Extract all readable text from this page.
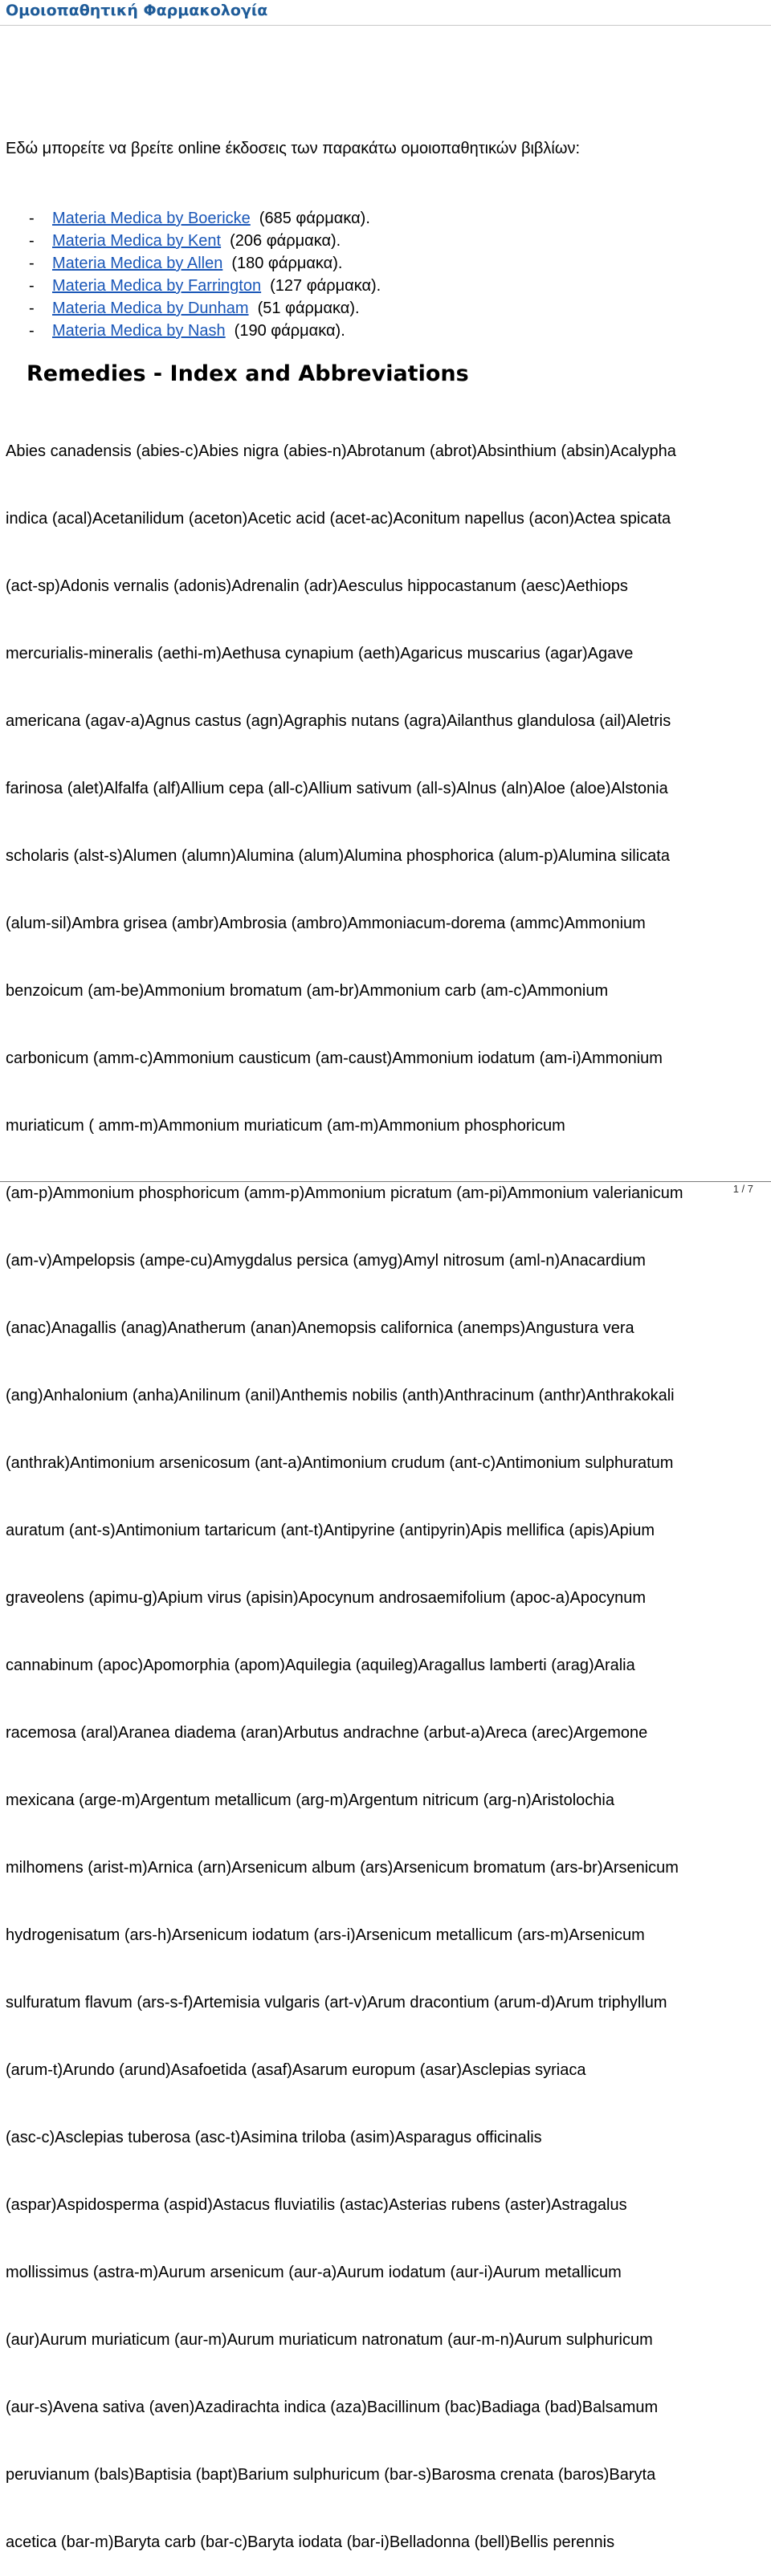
Ομοιοπαθητική Φαρμακολογία

Εδώ μπορείτε να βρείτε online έκδοσεις των παρακάτω ομοιοπαθητικών βιβλίων:

- Materia Medica by Boericke (685 φάρμακα).
- Materia Medica by Kent (206 φάρμακα).
- Materia Medica by Allen (180 φάρμακα).
- Materia Medica by Farrington (127 φάρμακα).
- Materia Medica by Dunham (51 φάρμακα).
- Materia Medica by Nash (190 φάρμακα).
Remedies - Index and Abbreviations

Abies canadensis (abies-c)Abies nigra (abies-n)Abrotanum (abrot)Absinthium (absin)Acalypha

indica (acal)Acetanilidum (aceton)Acetic acid (acet-ac)Aconitum napellus (acon)Actea spicata

(act-sp)Adonis vernalis (adonis)Adrenalin (adr)Aesculus hippocastanum (aesc)Aethiops

mercurialis-mineralis (aethi-m)Aethusa cynapium (aeth)Agaricus muscarius (agar)Agave

americana (agav-a)Agnus castus (agn)Agraphis nutans (agra)Ailanthus glandulosa (ail)Aletris

farinosa (alet)Alfalfa (alf)Allium cepa (all-c)Allium sativum (all-s)Alnus (aln)Aloe (aloe)Alstonia

scholaris (alst-s)Alumen (alumn)Alumina (alum)Alumina phosphorica (alum-p)Alumina silicata

(alum-sil)Ambra grisea (ambr)Ambrosia (ambro)Ammoniacum-dorema (ammc)Ammonium

benzoicum (am-be)Ammonium bromatum (am-br)Ammonium carb (am-c)Ammonium

carbonicum (amm-c)Ammonium causticum (am-caust)Ammonium iodatum (am-i)Ammonium

muriaticum ( amm-m)Ammonium muriaticum (am-m)Ammonium phosphoricum

(am-p)Ammonium phosphoricum (amm-p)Ammonium picratum (am-pi)Ammonium valerianicum

(am-v)Ampelopsis (ampe-cu)Amygdalus persica (amyg)Amyl nitrosum (aml-n)Anacardium

(anac)Anagallis (anag)Anatherum (anan)Anemopsis californica (anemps)Angustura vera

(ang)Anhalonium (anha)Anilinum (anil)Anthemis nobilis (anth)Anthracinum (anthr)Anthrakokali

(anthrak)Antimonium arsenicosum (ant-a)Antimonium crudum (ant-c)Antimonium sulphuratum

auratum (ant-s)Antimonium tartaricum (ant-t)Antipyrine (antipyrin)Apis mellifica (apis)Apium

graveolens (apimu-g)Apium virus (apisin)Apocynum androsaemifolium (apoc-a)Apocynum

cannabinum (apoc)Apomorphia (apom)Aquilegia (aquileg)Aragallus lamberti (arag)Aralia

racemosa (aral)Aranea diadema (aran)Arbutus andrachne (arbut-a)Areca (arec)Argemone

mexicana (arge-m)Argentum metallicum (arg-m)Argentum nitricum (arg-n)Aristolochia

milhomens (arist-m)Arnica (arn)Arsenicum album (ars)Arsenicum bromatum (ars-br)Arsenicum

hydrogenisatum (ars-h)Arsenicum iodatum (ars-i)Arsenicum metallicum (ars-m)Arsenicum

sulfuratum flavum (ars-s-f)Artemisia vulgaris (art-v)Arum dracontium (arum-d)Arum triphyllum

(arum-t)Arundo (arund)Asafoetida (asaf)Asarum europum (asar)Asclepias syriaca

(asc-c)Asclepias tuberosa (asc-t)Asimina triloba (asim)Asparagus officinalis

(aspar)Aspidosperma (aspid)Astacus fluviatilis (astac)Asterias rubens (aster)Astragalus

mollissimus (astra-m)Aurum arsenicum (aur-a)Aurum iodatum (aur-i)Aurum metallicum

(aur)Aurum muriaticum (aur-m)Aurum muriaticum natronatum (aur-m-n)Aurum sulphuricum

(aur-s)Avena sativa (aven)Azadirachta indica (aza)Bacillinum (bac)Badiaga (bad)Balsamum

peruvianum (bals)Baptisia (bapt)Barium sulphuricum (bar-s)Barosma crenata (baros)Baryta

acetica (bar-m)Baryta carb (bar-c)Baryta iodata (bar-i)Belladonna (bell)Bellis perennis

1 / 7
